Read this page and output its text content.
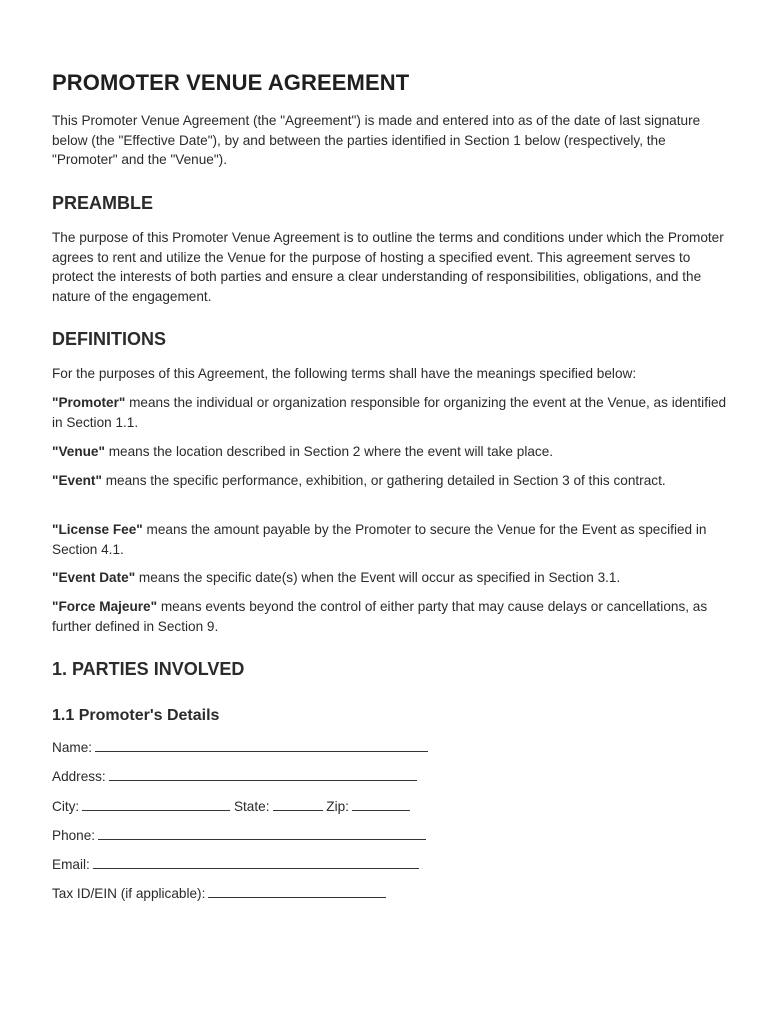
PROMOTER VENUE AGREEMENT

This Promoter Venue Agreement (the "Agreement") is made and entered into as of the date of last signature below (the "Effective Date"), by and between the parties identified in Section 1 below (respectively, the "Promoter" and the "Venue").

PREAMBLE

The purpose of this Promoter Venue Agreement is to outline the terms and conditions under which the Promoter agrees to rent and utilize the Venue for the purpose of hosting a specified event. This agreement serves to protect the interests of both parties and ensure a clear understanding of responsibilities, obligations, and the nature of the engagement.

DEFINITIONS

For the purposes of this Agreement, the following terms shall have the meanings specified below:

"Promoter" means the individual or organization responsible for organizing the event at the Venue, as identified in Section 1.1.

"Venue" means the location described in Section 2 where the event will take place.

"Event" means the specific performance, exhibition, or gathering detailed in Section 3 of this contract.

"License Fee" means the amount payable by the Promoter to secure the Venue for the Event as specified in Section 4.1.

"Event Date" means the specific date(s) when the Event will occur as specified in Section 3.1.

"Force Majeure" means events beyond the control of either party that may cause delays or cancellations, as further defined in Section 9.

1. PARTIES INVOLVED
1.1 Promoter's Details
Name:
Address:
City:	State:	Zip:
Phone:
Email:
Tax ID/EIN (if applicable):
